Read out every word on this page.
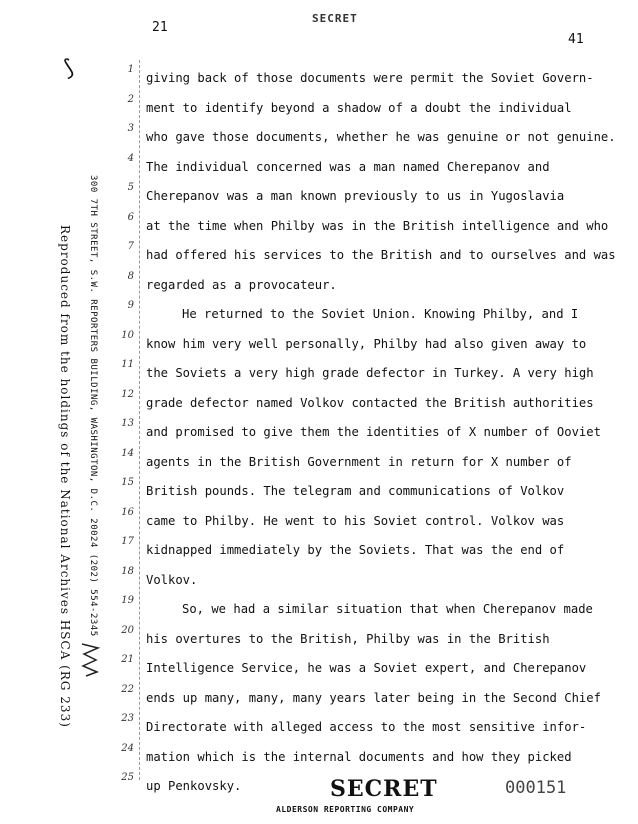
21
SECRET
41
⟆
Reproduced from the holdings of the National Archives HSCA (RG 233) 300 7TH STREET, S.W. REPORTERS BUILDING, WASHINGTON, D.C. 20024 (202) 554-2345
1
2
3
4
5
6
7
8
9
10
11
12
13
14
15
16
17
18
19
20
21
22
23
24
25
giving back of those documents were permit the Soviet Govern-
ment to identify beyond a shadow of a doubt the individual
who gave those documents, whether he was genuine or not genuine.
The individual concerned was a man named Cherepanov and
Cherepanov was a man known previously to us in Yugoslavia
at the time when Philby was in the British intelligence and who
had offered his services to the British and to ourselves and was
regarded as a provocateur.
He returned to the Soviet Union. Knowing Philby, and I
know him very well personally, Philby had also given away to
the Soviets a very high grade defector in Turkey. A very high
grade defector named Volkov contacted the British authorities
and promised to give them the identities of X number of Ooviet
agents in the British Government in return for X number of
British pounds. The telegram and communications of Volkov
came to Philby. He went to his Soviet control. Volkov was
kidnapped immediately by the Soviets. That was the end of
Volkov.
So, we had a similar situation that when Cherepanov made
his overtures to the British, Philby was in the British
Intelligence Service, he was a Soviet expert, and Cherepanov
ends up many, many, many years later being in the Second Chief
Directorate with alleged access to the most sensitive infor-
mation which is the internal documents and how they picked
up Penkovsky.	SECRET	000151
ALDERSON REPORTING COMPANY
